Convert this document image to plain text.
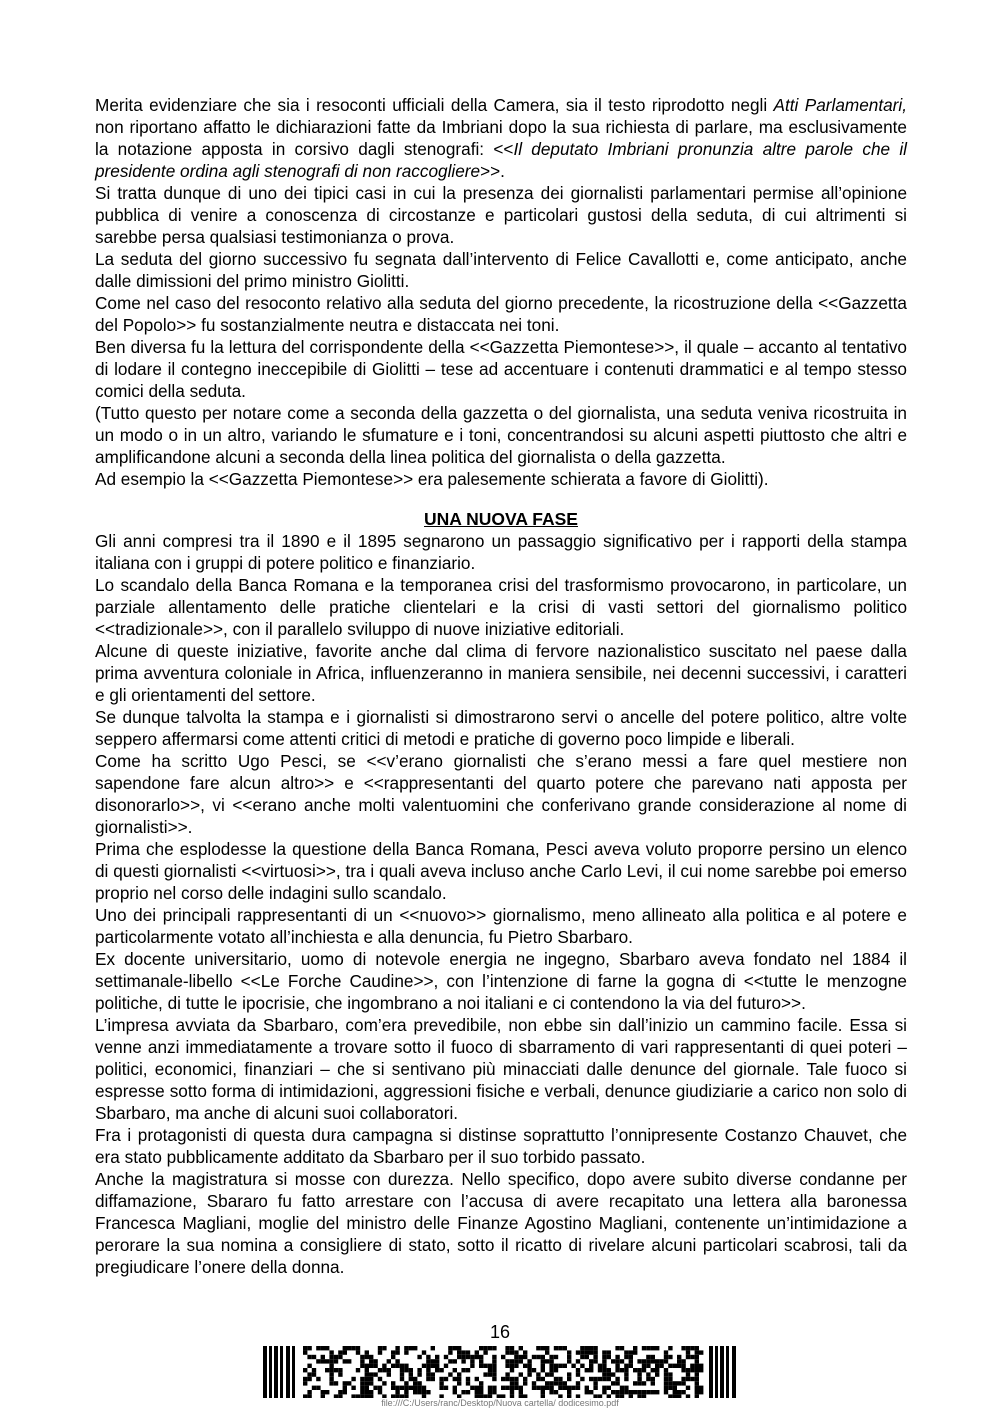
Merita evidenziare che sia i resoconti ufficiali della Camera, sia il testo riprodotto negli Atti Parlamentari, non riportano affatto le dichiarazioni fatte da Imbriani dopo la sua richiesta di parlare, ma esclusivamente la notazione apposta in corsivo dagli stenografi: <<Il deputato Imbriani pronunzia altre parole che il presidente ordina agli stenografi di non raccogliere>>.

Si tratta dunque di uno dei tipici casi in cui la presenza dei giornalisti parlamentari permise all’opinione pubblica di venire a conoscenza di circostanze e particolari gustosi della seduta, di cui altrimenti si sarebbe persa qualsiasi testimonianza o prova.

La seduta del giorno successivo fu segnata dall’intervento di Felice Cavallotti e, come anticipato, anche dalle dimissioni del primo ministro Giolitti.

Come nel caso del resoconto relativo alla seduta del giorno precedente, la ricostruzione della <<Gazzetta del Popolo>> fu sostanzialmente neutra e distaccata nei toni.

Ben diversa fu la lettura del corrispondente della <<Gazzetta Piemontese>>, il quale – accanto al tentativo di lodare il contegno ineccepibile di Giolitti – tese ad accentuare i contenuti drammatici e al tempo stesso comici della seduta.

(Tutto questo per notare come a seconda della gazzetta o del giornalista, una seduta veniva ricostruita in un modo o in un altro, variando le sfumature e i toni, concentrandosi su alcuni aspetti piuttosto che altri e amplificandone alcuni a seconda della linea politica del giornalista o della gazzetta.

Ad esempio la <<Gazzetta Piemontese>> era palesemente schierata a favore di Giolitti).

UNA NUOVA FASE

Gli anni compresi tra il 1890 e il 1895 segnarono un passaggio significativo per i rapporti della stampa italiana con i gruppi di potere politico e finanziario.

Lo scandalo della Banca Romana e la temporanea crisi del trasformismo provocarono, in particolare, un parziale allentamento delle pratiche clientelari e la crisi di vasti settori del giornalismo politico <<tradizionale>>, con il parallelo sviluppo di nuove iniziative editoriali.

Alcune di queste iniziative, favorite anche dal clima di fervore nazionalistico suscitato nel paese dalla prima avventura coloniale in Africa, influenzeranno in maniera sensibile, nei decenni successivi, i caratteri e gli orientamenti del settore.

Se dunque talvolta la stampa e i giornalisti si dimostrarono servi o ancelle del potere politico, altre volte seppero affermarsi come attenti critici di metodi e pratiche di governo poco limpide e liberali.

Come ha scritto Ugo Pesci, se <<v’erano giornalisti che s’erano messi a fare quel mestiere non sapendone fare alcun altro>> e <<rappresentanti del quarto potere che parevano nati apposta per disonorarlo>>, vi <<erano anche molti valentuomini che conferivano grande considerazione al nome di giornalisti>>.

Prima che esplodesse la questione della Banca Romana, Pesci aveva voluto proporre persino un elenco di questi giornalisti <<virtuosi>>, tra i quali aveva incluso anche Carlo Levi, il cui nome sarebbe poi emerso proprio nel corso delle indagini sullo scandalo.

Uno dei principali rappresentanti di un <<nuovo>> giornalismo, meno allineato alla politica e al potere e particolarmente votato all’inchiesta e alla denuncia, fu Pietro Sbarbaro.

Ex docente universitario, uomo di notevole energia ne ingegno, Sbarbaro aveva fondato nel 1884 il settimanale-libello <<Le Forche Caudine>>, con l’intenzione di farne la gogna di <<tutte le menzogne politiche, di tutte le ipocrisie, che ingombrano a noi italiani e ci contendono la via del futuro>>.

L’impresa avviata da Sbarbaro, com’era prevedibile, non ebbe sin dall’inizio un cammino facile. Essa si venne anzi immediatamente a trovare sotto il fuoco di sbarramento di vari rappresentanti di quei poteri – politici, economici, finanziari – che si sentivano più minacciati dalle denunce del giornale. Tale fuoco si espresse sotto forma di intimidazioni, aggressioni fisiche e verbali, denunce giudiziarie a carico non solo di Sbarbaro, ma anche di alcuni suoi collaboratori.

Fra i protagonisti di questa dura campagna si distinse soprattutto l’onnipresente Costanzo Chauvet, che era stato pubblicamente additato da Sbarbaro per il suo torbido passato.

Anche la magistratura si mosse con durezza. Nello specifico, dopo avere subito diverse condanne per diffamazione, Sbararo fu fatto arrestare con l’accusa di avere recapitato una lettera alla baronessa Francesca Magliani, moglie del ministro delle Finanze Agostino Magliani, contenente un’intimidazione a perorare la sua nomina a consigliere di stato, sotto il ricatto di rivelare alcuni particolari scabrosi, tali da pregiudicare l’onere della donna.

16
file:///C:/Users/ranc/Desktop/Nuova cartella/ dodicesimo.pdf
